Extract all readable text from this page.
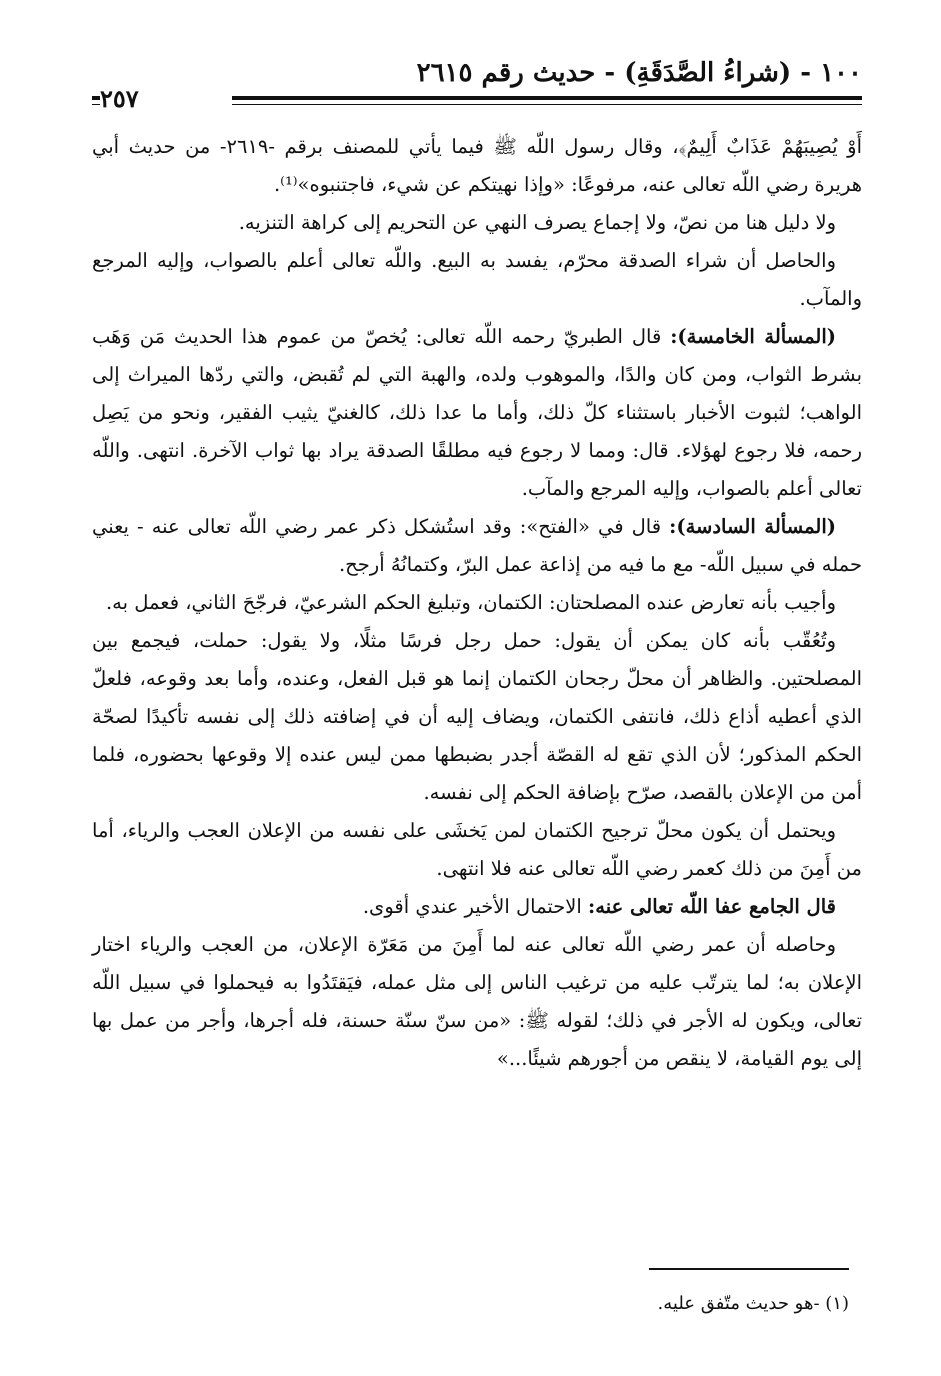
١٠٠ - (شراءُ الصَّدَقَةِ) - حديث رقم ٢٦١٥
٢٥٧

أَوْ يُصِيبَهُمْ عَذَابٌ أَلِيمٌ﴾، وقال رسول اللّه ﷺ فيما يأتي للمصنف برقم -٢٦١٩- من حديث أبي هريرة رضي اللّه تعالى عنه، مرفوعًا: «وإذا نهيتكم عن شيء، فاجتنبوه»⁽¹⁾.

ولا دليل هنا من نصّ، ولا إجماع يصرف النهي عن التحريم إلى كراهة التنزيه.

والحاصل أن شراء الصدقة محرّم، يفسد به البيع. واللّه تعالى أعلم بالصواب، وإليه المرجع والمآب.

(المسألة الخامسة): قال الطبريّ رحمه اللّه تعالى: يُخصّ من عموم هذا الحديث مَن وَهَب بشرط الثواب، ومن كان والدًا، والموهوب ولده، والهبة التي لم تُقبض، والتي ردّها الميراث إلى الواهب؛ لثبوت الأخبار باستثناء كلّ ذلك، وأما ما عدا ذلك، كالغنيّ يثيب الفقير، ونحو من يَصِل رحمه، فلا رجوع لهؤلاء. قال: ومما لا رجوع فيه مطلقًا الصدقة يراد بها ثواب الآخرة. انتهى. واللّه تعالى أعلم بالصواب، وإليه المرجع والمآب.

(المسألة السادسة): قال في «الفتح»: وقد استُشكل ذكر عمر رضي اللّه تعالى عنه - يعني حمله في سبيل اللّه- مع ما فيه من إذاعة عمل البرّ، وكتمانُهُ أرجح.

وأجيب بأنه تعارض عنده المصلحتان: الكتمان، وتبليغ الحكم الشرعيّ، فرجّحَ الثاني، فعمل به.

وتُعُقّب بأنه كان يمكن أن يقول: حمل رجل فرسًا مثلًا، ولا يقول: حملت، فيجمع بين المصلحتين. والظاهر أن محلّ رجحان الكتمان إنما هو قبل الفعل، وعنده، وأما بعد وقوعه، فلعلّ الذي أعطيه أذاع ذلك، فانتفى الكتمان، ويضاف إليه أن في إضافته ذلك إلى نفسه تأكيدًا لصحّة الحكم المذكور؛ لأن الذي تقع له القصّة أجدر بضبطها ممن ليس عنده إلا وقوعها بحضوره، فلما أمن من الإعلان بالقصد، صرّح بإضافة الحكم إلى نفسه.

ويحتمل أن يكون محلّ ترجيح الكتمان لمن يَخشَى على نفسه من الإعلان العجب والرياء، أما من أَمِنَ من ذلك كعمر رضي اللّه تعالى عنه فلا انتهى.

قال الجامع عفا اللّه تعالى عنه: الاحتمال الأخير عندي أقوى.

وحاصله أن عمر رضي اللّه تعالى عنه لما أَمِنَ من مَعَرّة الإعلان، من العجب والرياء اختار الإعلان به؛ لما يترتّب عليه من ترغيب الناس إلى مثل عمله، فيَقتَدُوا به فيحملوا في سبيل اللّه تعالى، ويكون له الأجر في ذلك؛ لقوله ﷺ: «من سنّ سنّة حسنة، فله أجرها، وأجر من عمل بها إلى يوم القيامة، لا ينقص من أجورهم شيئًا...»

(١) -هو حديث متّفق عليه.
